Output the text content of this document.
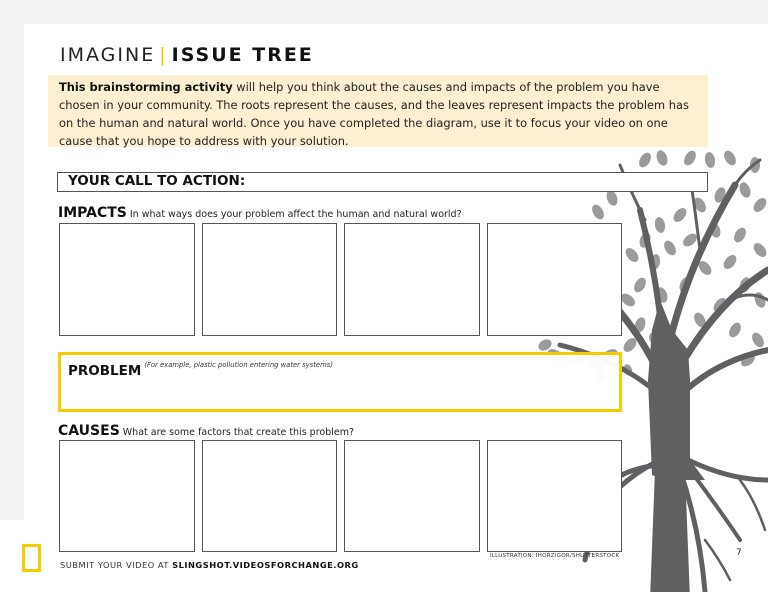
IMAGINE | ISSUE TREE
This brainstorming activity will help you think about the causes and impacts of the problem you have chosen in your community. The roots represent the causes, and the leaves represent impacts the problem has on the human and natural world. Once you have completed the diagram, use it to focus your video on one cause that you hope to address with your solution.
YOUR CALL TO ACTION:
IMPACTS In what ways does your problem affect the human and natural world?
PROBLEM $^{(For example, plastic pollution entering water systems)}$
CAUSES What are some factors that create this problem?
ILLUSTRATION: IHORZIGOR/SHUTTERSTOCK	7
SUBMIT YOUR VIDEO AT SLINGSHOT.VIDEOSFORCHANGE.ORG
